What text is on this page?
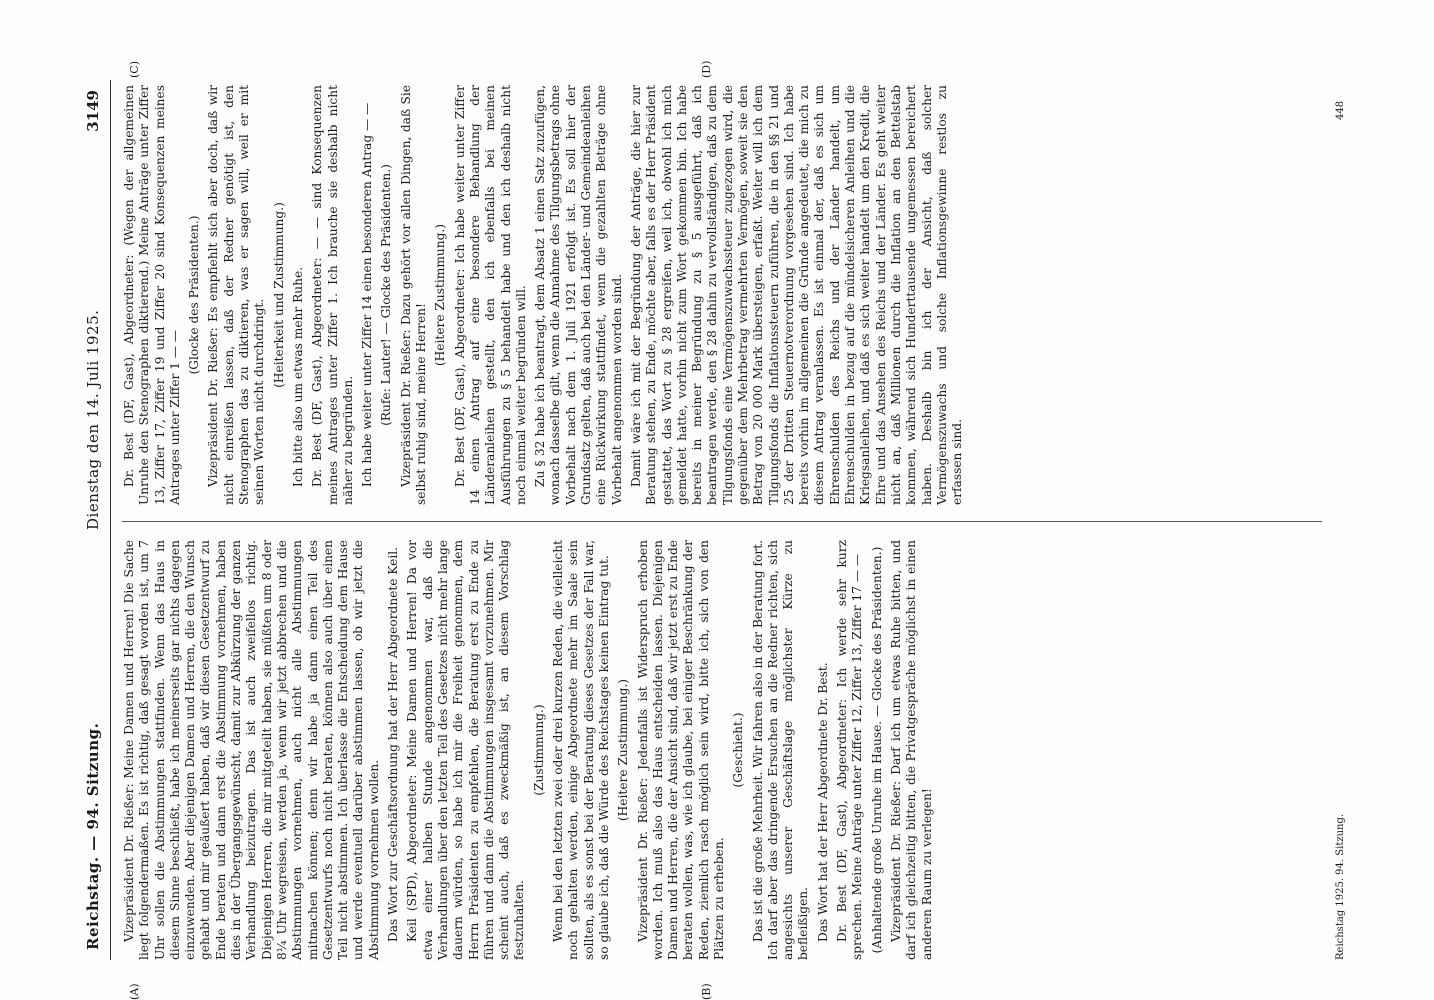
Reichstag. — 94. Sitzung.
Dienstag den 14. Juli 1925.
3149
(A)	(B)
(C)	(D)

Vizepräsident Dr. Rießer: Meine Damen und Herren! Die Sache liegt folgendermaßen. Es ist richtig, daß gesagt worden ist, um 7 Uhr sollen die Abstimmungen stattfinden. Wenn das Haus in diesem Sinne beschließt, habe ich meinerseits gar nichts dagegen einzuwenden. Aber diejenigen Damen und Herren, die den Wunsch gehabt und mir geäußert haben, daß wir diesen Gesetzentwurf zu Ende beraten und dann erst die Abstimmung vornehmen, haben dies in der Übergangsgewünscht, damit zur Abkürzung der ganzen Verhandlung beizutragen. Das ist auch zweifellos richtig. Diejenigen Herren, die mir mitgeteilt haben, sie müßten um 8 oder 8¼ Uhr wegreisen, werden ja, wenn wir jetzt abbrechen und die Abstimmungen vornehmen, auch nicht alle Abstimmungen mitmachen können; denn wir habe ja dann einen Teil des Gesetzentwurfs noch nicht beraten, können also auch über einen Teil nicht abstimmen. Ich überlasse die Entscheidung dem Hause und werde eventuell darüber abstimmen lassen, ob wir jetzt die Abstimmung vornehmen wollen. Das Wort zur Geschäftsordnung hat der Herr Abgeordnete Keil. Keil (SPD), Abgeordneter: Meine Damen und Herren! Da vor etwa einer halben Stunde angenommen war, daß die Verhandlungen über den letzten Teil des Gesetzes nicht mehr lange dauern würden, so habe ich mir die Freiheit genommen, dem Herrn Präsidenten zu empfehlen, die Beratung erst zu Ende zu führen und dann die Abstimmungen insgesamt vorzunehmen. Mir scheint auch, daß es zweckmäßig ist, an diesem Vorschlag festzuhalten.

(Zustimmung.) Wenn bei den letzten zwei oder drei kurzen Reden, die vielleicht noch gehalten werden, einige Abgeordnete mehr im Saale sein sollten, als es sonst bei der Beratung dieses Gesetzes der Fall war, so glaube ich, daß die Würde des Reichstages keinen Eintrag tut. (Heitere Zustimmung.) Vizepräsident Dr. Rießer: Jedenfalls ist Widerspruch erhoben worden. Ich muß also das Haus entscheiden lassen. Diejenigen Damen und Herren, die der Ansicht sind, daß wir jetzt erst zu Ende beraten wollen, was, wie ich glaube, bei einiger Beschränkung der Reden, ziemlich rasch möglich sein wird, bitte ich, sich von den Plätzen zu erheben.

(Geschieht.) Das ist die große Mehrheit. Wir fahren also in der Beratung fort. Ich darf aber das dringende Ersuchen an die Redner richten, sich angesichts unserer Geschäftslage möglichster Kürze zu befleißigen. Das Wort hat der Herr Abgeordnete Dr. Best. Dr. Best (DF, Gast), Abgeordneter: Ich werde sehr kurz sprechen. Meine Anträge unter Ziffer 12, Ziffer 13, Ziffer 17 — — (Anhaltende große Unruhe im Hause. — Glocke des Präsidenten.) Vizepräsident Dr. Rießer: Darf ich um etwas Ruhe bitten, und darf ich gleichzeitig bitten, die Privatgespräche möglichst in einen anderen Raum zu verlegen!

Dr. Best (DF, Gast), Abgeordneter: (Wegen der allgemeinen Unruhe den Stenographen diktierend.) Meine Anträge unter Ziffer 13, Ziffer 17, Ziffer 19 und Ziffer 20 sind Konsequenzen meines Antrages unter Ziffer 1 — —

(Glocke des Präsidenten.) Vizepräsident Dr. Rießer: Es empfiehlt sich aber doch, daß wir nicht einreißen lassen, daß der Redner genötigt ist, den Stenographen das zu diktieren, was er sagen will, weil er mit seinen Worten nicht durchdringt.

(Heiterkeit und Zustimmung.) Ich bitte also um etwas mehr Ruhe. Dr. Best (DF, Gast), Abgeordneter: — — sind Konsequenzen meines Antrages unter Ziffer 1. Ich brauche sie deshalb nicht näher zu begründen. Ich habe weiter unter Ziffer 14 einen besonderen Antrag — — (Rufe: Lauter! — Glocke des Präsidenten.) Vizepräsident Dr. Rießer: Dazu gehört vor allen Dingen, daß Sie selbst ruhig sind, meine Herren!

(Heitere Zustimmung.) Dr. Best (DF, Gast), Abgeordneter: Ich habe weiter unter Ziffer 14 einen Antrag auf eine besondere Behandlung der Länderanleihen gestellt, den ich ebenfalls bei meinen Ausführungen zu § 5 behandelt habe und den ich deshalb nicht noch einmal weiter begründen will. Zu § 32 habe ich beantragt, dem Absatz 1 einen Satz zuzufügen, wonach dasselbe gilt, wenn die Annahme des Tilgungsbetrags ohne Vorbehalt nach dem 1. Juli 1921 erfolgt ist. Es soll hier der Grundsatz gelten, daß auch bei den Länder- und Gemeindeanleihen eine Rückwirkung stattfindet, wenn die gezahlten Beträge ohne Vorbehalt angenommen worden sind. Damit wäre ich mit der Begründung der Anträge, die hier zur Beratung stehen, zu Ende, möchte aber, falls es der Herr Präsident gestattet, das Wort zu § 28 ergreifen, weil ich, obwohl ich mich gemeldet hatte, vorhin nicht zum Wort gekommen bin. Ich habe bereits in meiner Begründung zu § 5 ausgeführt, daß ich beantragen werde, den § 28 dahin zu vervollständigen, daß zu dem Tilgungsfonds eine Vermögenszuwachssteuer zugezogen wird, die gegenüber dem Mehrbetrag vermehrten Vermögen, soweit sie den Betrag von 20 000 Mark übersteigen, erfaßt. Weiter will ich dem Tilgungsfonds die Inflationssteuern zuführen, die in den §§ 21 und 25 der Dritten Steuernotverordnung vorgesehen sind. Ich habe bereits vorhin im allgemeinen die Gründe angedeutet, die mich zu diesem Antrag veranlassen. Es ist einmal der, daß es sich um Ehrenschulden des Reichs und der Länder handelt, um Ehrenschulden in bezug auf die mündelsicheren Anleihen und die Kriegsanleihen, und daß es sich weiter handelt um den Kredit, die Ehre und das Ansehen des Reichs und der Länder. Es geht weiter nicht an, daß Millionen durch die Inflation an den Bettelstab kommen, während sich Hunderttausende ungemessen bereichert haben. Deshalb bin ich der Ansicht, daß solcher Vermögenszuwachs und solche Inflationsgewinne restlos zu erfassen sind.

Reichstag 1925. 94. Sitzung.
448
